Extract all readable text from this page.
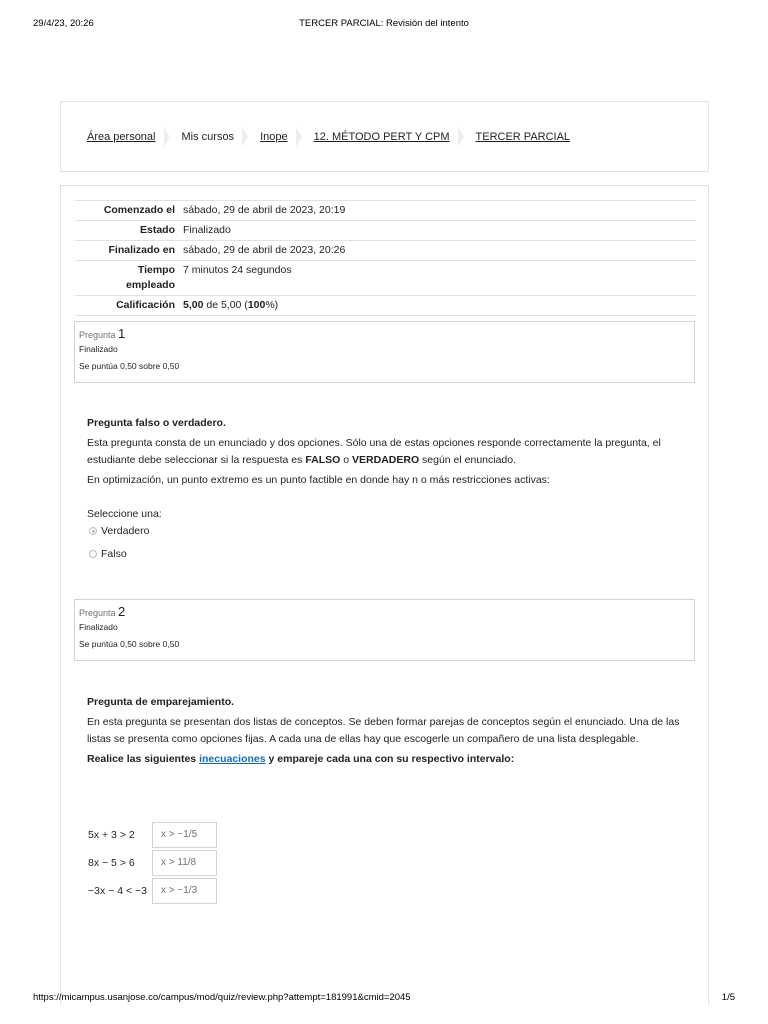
29/4/23, 20:26	TERCER PARCIAL: Revisión del intento
Área personal Mis cursos Inope 12. MÉTODO PERT Y CPM TERCER PARCIAL
Comenzado el	sábado, 29 de abril de 2023, 20:19
Estado	Finalizado
Finalizado en	sábado, 29 de abril de 2023, 20:26
Tiempo
empleado	7 minutos 24 segundos
Calificación	5,00 de 5,00 (100%)
Pregunta 1
Finalizado
Se puntúa 0,50 sobre 0,50

Pregunta falso o verdadero.

Esta pregunta consta de un enunciado y dos opciones. Sólo una de estas opciones responde correctamente la pregunta, el estudiante debe seleccionar si la respuesta es FALSO o VERDADERO según el enunciado.

En optimización, un punto extremo es un punto factible en donde hay n o más restricciones activas:

Seleccione una:
Verdadero
Falso
Pregunta 2
Finalizado
Se puntúa 0,50 sobre 0,50

Pregunta de emparejamiento.

En esta pregunta se presentan dos listas de conceptos. Se deben formar parejas de conceptos según el enunciado. Una de las listas se presenta como opciones fijas. A cada una de ellas hay que escogerle un compañero de una lista desplegable.

Realice las siguientes inecuaciones y empareje cada una con su respectivo intervalo:

5x + 3 > 2	x > −1/5
8x − 5 > 6	x > 11/8
−3x − 4 < −3	x > −1/3
https://micampus.usanjose.co/campus/mod/quiz/review.php?attempt=181991&cmid=2045	1/5
